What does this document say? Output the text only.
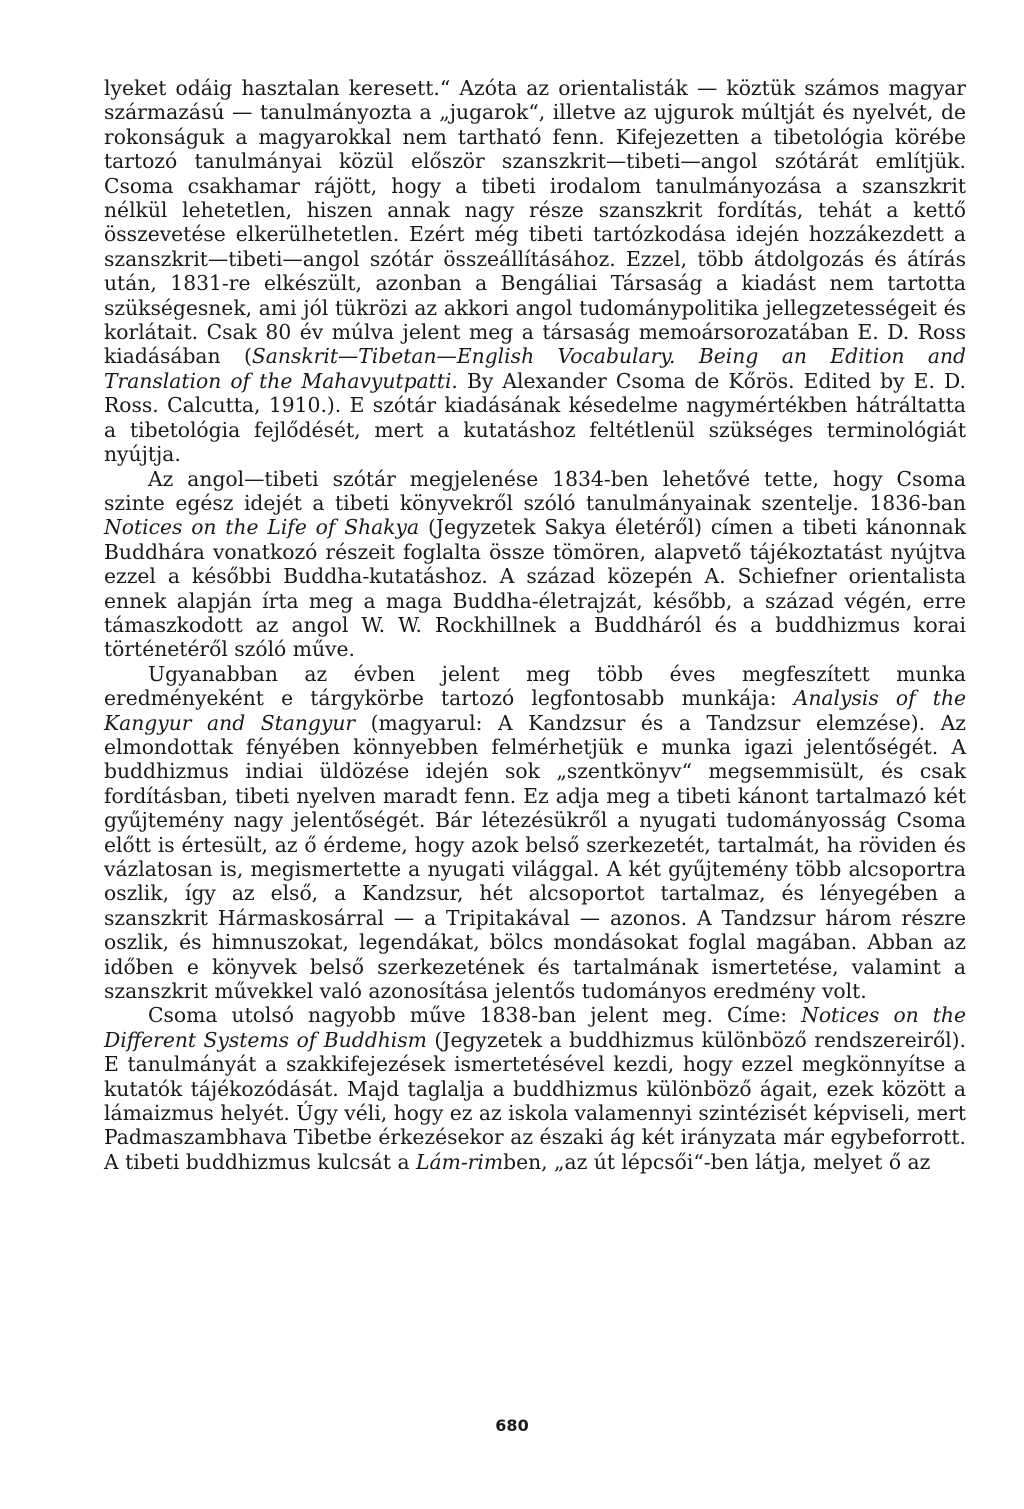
lyeket odáig hasztalan keresett.“ Azóta az orientalisták — köztük számos magyar származású — tanulmányozta a „jugarok“, illetve az ujgurok múltját és nyelvét, de rokonságuk a magyarokkal nem tartható fenn. Kifejezetten a tibetológia körébe tartozó tanulmányai közül először szanszkrit—tibeti—angol szótárát említjük. Csoma csakhamar rájött, hogy a tibeti irodalom tanulmányozása a szanszkrit nélkül lehetetlen, hiszen annak nagy része szanszkrit fordítás, tehát a kettő összevetése elkerülhetetlen. Ezért még tibeti tartózkodása idején hozzákezdett a szanszkrit—tibeti—angol szótár összeállításához. Ezzel, több átdolgozás és átírás után, 1831-re elkészült, azonban a Bengáliai Társaság a kiadást nem tartotta szükségesnek, ami jól tükrözi az akkori angol tudománypolitika jellegzetességeit és korlátait. Csak 80 év múlva jelent meg a társaság memoársorozatában E. D. Ross kiadásában (Sanskrit—Tibetan—English Vocabulary. Being an Edition and Translation of the Mahavyutpatti. By Alexander Csoma de Kőrös. Edited by E. D. Ross. Calcutta, 1910.). E szótár kiadásának késedelme nagymértékben hátráltatta a tibetológia fejlődését, mert a kutatáshoz feltétlenül szükséges terminológiát nyújtja.

Az angol—tibeti szótár megjelenése 1834-ben lehetővé tette, hogy Csoma szinte egész idejét a tibeti könyvekről szóló tanulmányainak szentelje. 1836-ban Notices on the Life of Shakya (Jegyzetek Sakya életéről) címen a tibeti kánonnak Buddhára vonatkozó részeit foglalta össze tömören, alapvető tájékoztatást nyújtva ezzel a későbbi Buddha-kutatáshoz. A század közepén A. Schiefner orientalista ennek alapján írta meg a maga Buddha-életrajzát, később, a század végén, erre támaszkodott az angol W. W. Rockhillnek a Buddháról és a buddhizmus korai történetéről szóló műve.

Ugyanabban az évben jelent meg több éves megfeszített munka eredményeként e tárgykörbe tartozó legfontosabb munkája: Analysis of the Kangyur and Stangyur (magyarul: A Kandzsur és a Tandzsur elemzése). Az elmondottak fényében könnyebben felmérhetjük e munka igazi jelentőségét. A buddhizmus indiai üldözése idején sok „szentkönyv“ megsemmisült, és csak fordításban, tibeti nyelven maradt fenn. Ez adja meg a tibeti kánont tartalmazó két gyűjtemény nagy jelentőségét. Bár létezésükről a nyugati tudományosság Csoma előtt is értesült, az ő érdeme, hogy azok belső szerkezetét, tartalmát, ha röviden és vázlatosan is, megismertette a nyugati világgal. A két gyűjtemény több alcsoportra oszlik, így az első, a Kandzsur, hét alcsoportot tartalmaz, és lényegében a szanszkrit Hármaskosárral — a Tripitakával — azonos. A Tandzsur három részre oszlik, és himnuszokat, legendákat, bölcs mondásokat foglal magában. Abban az időben e könyvek belső szerkezetének és tartalmának ismertetése, valamint a szanszkrit művekkel való azonosítása jelentős tudományos eredmény volt.

Csoma utolsó nagyobb műve 1838-ban jelent meg. Címe: Notices on the Different Systems of Buddhism (Jegyzetek a buddhizmus különböző rendszereiről). E tanulmányát a szakkifejezések ismertetésével kezdi, hogy ezzel megkönnyítse a kutatók tájékozódását. Majd taglalja a buddhizmus különböző ágait, ezek között a lámaizmus helyét. Úgy véli, hogy ez az iskola valamennyi szintézisét képviseli, mert Padmaszambhava Tibetbe érkezésekor az északi ág két irányzata már egybeforrott. A tibeti buddhizmus kulcsát a Lám-rimben, „az út lépcsői“-ben látja, melyet ő az

680
